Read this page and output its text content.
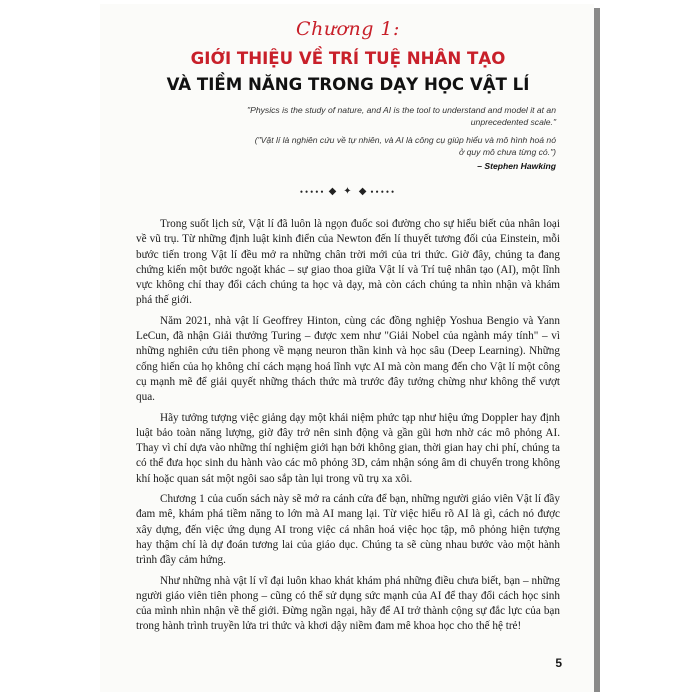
Chương 1:
GIỚI THIỆU VỀ TRÍ TUỆ NHÂN TẠO
VÀ TIỀM NĂNG TRONG DẠY HỌC VẬT LÍ
"Physics is the study of nature, and AI is the tool to understand and model it at an
unprecedented scale."
("Vật lí là nghiên cứu về tự nhiên, và AI là công cụ giúp hiểu và mô hình hoá nó
ở quy mô chưa từng có.")
– Stephen Hawking
••••• ◆ ✦ ◆ •••••

Trong suốt lịch sử, Vật lí đã luôn là ngọn đuốc soi đường cho sự hiểu biết của nhân loại về vũ trụ. Từ những định luật kinh điển của Newton đến lí thuyết tương đối của Einstein, mỗi bước tiến trong Vật lí đều mở ra những chân trời mới của tri thức. Giờ đây, chúng ta đang chứng kiến một bước ngoặt khác – sự giao thoa giữa Vật lí và Trí tuệ nhân tạo (AI), một lĩnh vực không chỉ thay đổi cách chúng ta học và dạy, mà còn cách chúng ta nhìn nhận và khám phá thế giới.

Năm 2021, nhà vật lí Geoffrey Hinton, cùng các đồng nghiệp Yoshua Bengio và Yann LeCun, đã nhận Giải thưởng Turing – được xem như "Giải Nobel của ngành máy tính" – vì những nghiên cứu tiên phong về mạng neuron thần kinh và học sâu (Deep Learning). Những cống hiến của họ không chỉ cách mạng hoá lĩnh vực AI mà còn mang đến cho Vật lí một công cụ mạnh mẽ để giải quyết những thách thức mà trước đây tưởng chừng như không thể vượt qua.

Hãy tưởng tượng việc giảng dạy một khái niệm phức tạp như hiệu ứng Doppler hay định luật bảo toàn năng lượng, giờ đây trở nên sinh động và gần gũi hơn nhờ các mô phỏng AI. Thay vì chỉ dựa vào những thí nghiệm giới hạn bởi không gian, thời gian hay chi phí, chúng ta có thể đưa học sinh du hành vào các mô phỏng 3D, cảm nhận sóng âm di chuyển trong không khí hoặc quan sát một ngôi sao sắp tàn lụi trong vũ trụ xa xôi.

Chương 1 của cuốn sách này sẽ mở ra cánh cửa để bạn, những người giáo viên Vật lí đầy đam mê, khám phá tiềm năng to lớn mà AI mang lại. Từ việc hiểu rõ AI là gì, cách nó được xây dựng, đến việc ứng dụng AI trong việc cá nhân hoá việc học tập, mô phỏng hiện tượng hay thậm chí là dự đoán tương lai của giáo dục. Chúng ta sẽ cùng nhau bước vào một hành trình đầy cảm hứng.

Như những nhà vật lí vĩ đại luôn khao khát khám phá những điều chưa biết, bạn – những người giáo viên tiên phong – cũng có thể sử dụng sức mạnh của AI để thay đổi cách học sinh của mình nhìn nhận về thế giới. Đừng ngần ngại, hãy để AI trở thành cộng sự đắc lực của bạn trong hành trình truyền lửa tri thức và khơi dậy niềm đam mê khoa học cho thế hệ trẻ!

5
